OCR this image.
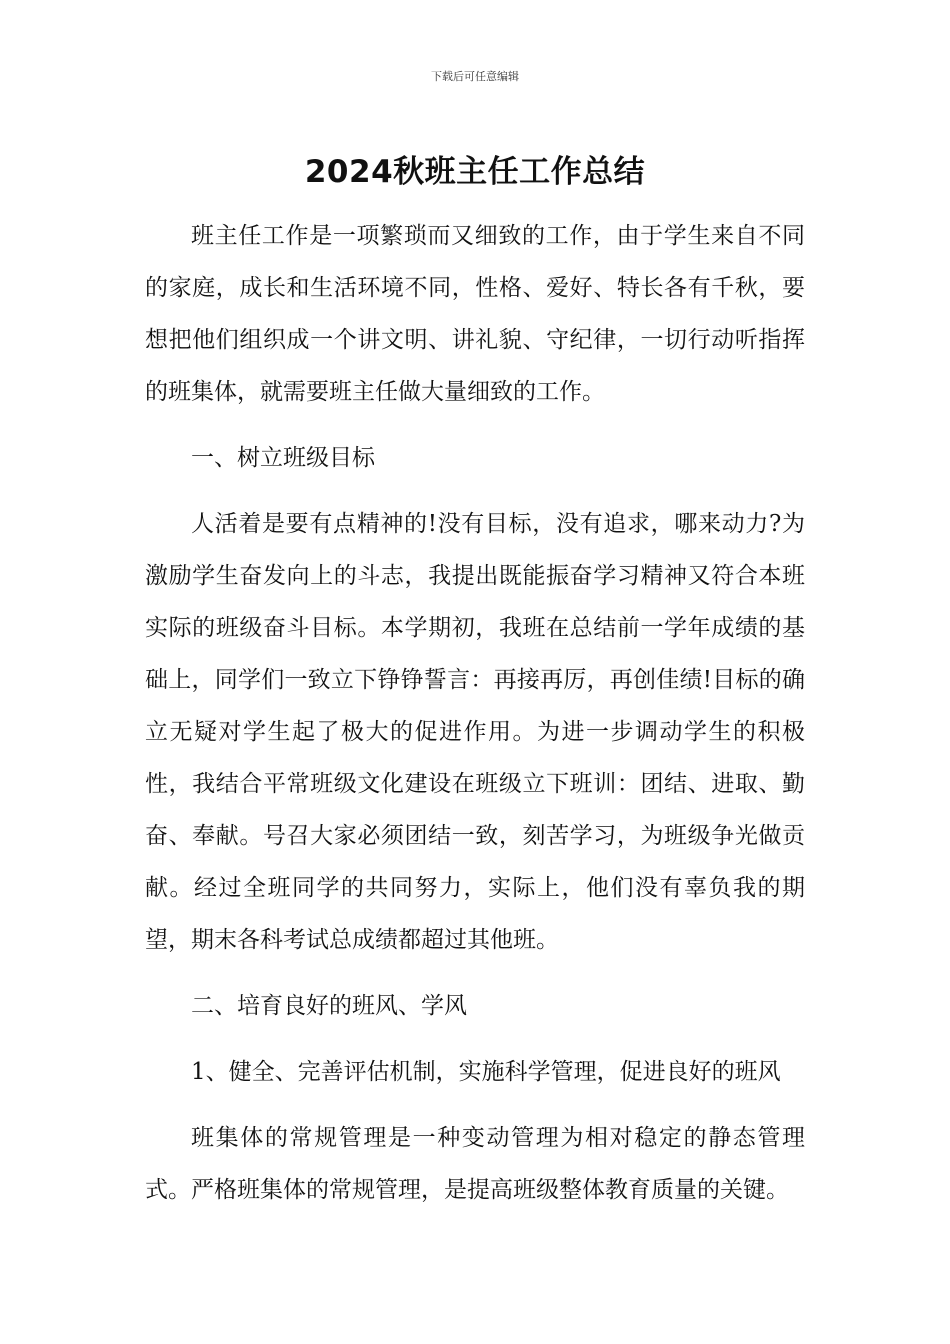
下载后可任意编辑
2024秋班主任工作总结

班主任工作是一项繁琐而又细致的工作，由于学生来自不同的家庭，成长和生活环境不同，性格、爱好、特长各有千秋，要想把他们组织成一个讲文明、讲礼貌、守纪律，一切行动听指挥的班集体，就需要班主任做大量细致的工作。

一、树立班级目标

人活着是要有点精神的!没有目标，没有追求，哪来动力?为激励学生奋发向上的斗志，我提出既能振奋学习精神又符合本班实际的班级奋斗目标。本学期初，我班在总结前一学年成绩的基础上，同学们一致立下铮铮誓言：再接再厉，再创佳绩!目标的确立无疑对学生起了极大的促进作用。为进一步调动学生的积极性，我结合平常班级文化建设在班级立下班训：团结、进取、勤奋、奉献。号召大家必须团结一致，刻苦学习，为班级争光做贡献。经过全班同学的共同努力，实际上，他们没有辜负我的期望，期末各科考试总成绩都超过其他班。

二、培育良好的班风、学风

1、健全、完善评估机制，实施科学管理，促进良好的班风

班集体的常规管理是一种变动管理为相对稳定的静态管理式。严格班集体的常规管理，是提高班级整体教育质量的关键。
